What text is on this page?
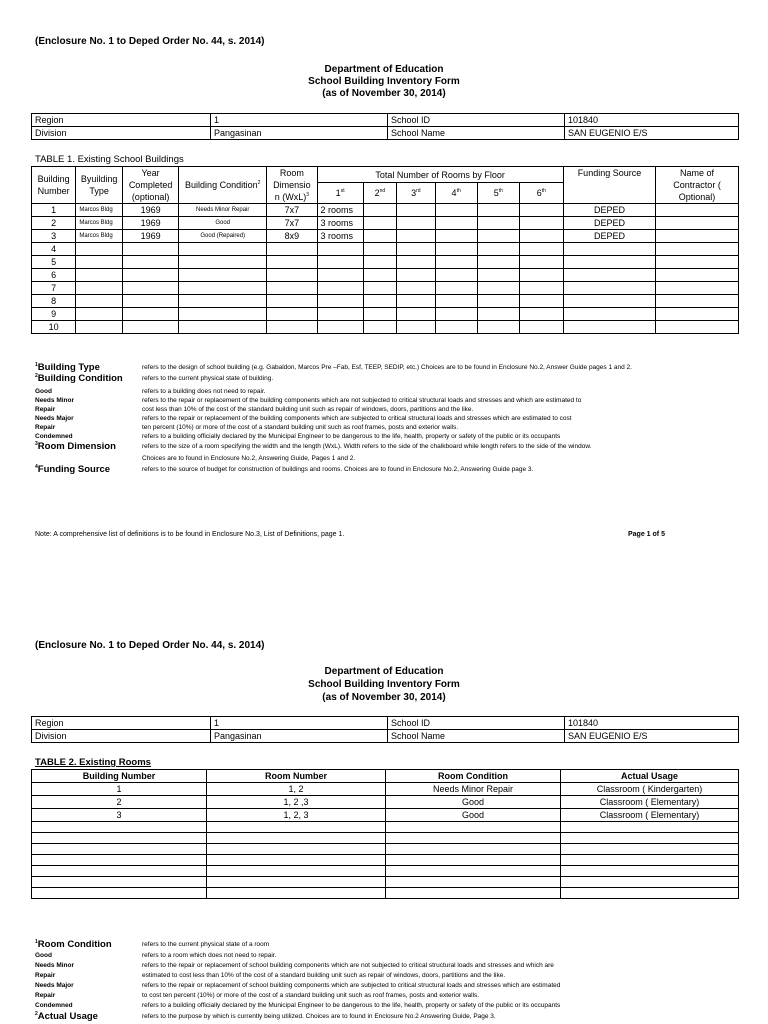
(Enclosure No. 1 to Deped Order No. 44, s. 2014)
Department of Education
School Building Inventory Form
(as of November 30, 2014)
Region	1	School ID	101840
Division	Pangasinan	School Name	SAN EUGENIO E/S
TABLE 1. Existing School Buildings
Building Number	Byuilding Type	Year Completed (optional)	Building Condition$^2$	Room Dimensio n (WxL)$^3$	Total Number of Rooms by Floor						Funding Source	Name of Contractor ( Optional)
					1st	2nd	3rd	4th	5th	6th
1	Marcos Bldg	1969	Needs Minor Repair	7x7	2 rooms						DEPED	
2	Marcos Bldg	1969	Good	7x7	3 rooms						DEPED	
3	Marcos Bldg	1969	Good (Repaired)	8x9	3 rooms						DEPED	
4												
5												
6												
7												
8												
9												
10												
$^1$Building Type	refers to the design of school building (e.g. Gabaldon, Marcos Pre –Fab, Esf, TEEP, SEDIP, etc.) Choices are to be found in Enclosure No.2, Answer Guide pages 1 and 2.
$^2$Building Condition	refers to the current physical state of building.
Good	refers to a building does not need to repair.
Needs Minor	refers to the repair or replacement of the building components which are not subjected to critical structural loads and stresses and which are estimated to
Repair	cost less than 10% of the cost of the standard building unit such as repair of windows, doors, partitions and the like.
Needs Major	refers to the repair or replacement of the building components which are subjected to critical structural loads and stresses which are estimated to cost
Repair	ten percent (10%) or more of the cost of a standard building unit such as roof frames, posts and exterior walls.
Condemned	refers to a building officially declared by the Municipal Engineer to be dangerous to the life, health, property or safety of the public or its occupants
$^3$Room Dimension	refers to the size of a room specifying the width and the length (WxL). Width refers to the side of the chalkboard while length refers to the side of the window.
Choices are to found in Enclosure No.2, Answering Guide, Pages 1 and 2.
$^4$Funding Source	refers to the source of budget for construction of buildings and rooms. Choices are to found in Enclosure No.2, Answering Guide page 3.
Note: A comprehensive list of definitions is to be found in Enclosure No.3, List of Definitions, page 1.	Page 1 of 5
(Enclosure No. 1 to Deped Order No. 44, s. 2014)
Department of Education
School Building Inventory Form
(as of November 30, 2014)
Region	1	School ID	101840
Division	Pangasinan	School Name	SAN EUGENIO E/S
TABLE 2. Existing Rooms
Building Number	Room Number	Room Condition	Actual Usage
1	1, 2	Needs Minor Repair	Classroom ( Kindergarten)
2	1, 2 ,3	Good	Classroom ( Elementary)
3	1, 2, 3	Good	Classroom ( Elementary)

$^1$Room Condition	refers to the current physical state of a room
Good	refers to a room which does not need to repair.
Needs Minor	refers to the repair or replacement of school building components which are not subjected to critical structural loads and stresses and which are
Repair	estimated to cost less than 10% of the cost of a standard building unit such as repair of windows, doors, partitions and the like.
Needs Major	refers to the repair or replacement of school building components which are subjected to critical structural loads and stresses which are estimated
Repair	to cost ten percent (10%) or more of the cost of a standard building unit such as roof frames, posts and exterior walls.
Condemned	refers to a building officially declared by the Municipal Engineer to be dangerous to the life, health, property or safety of the public or its occupants
$^2$Actual Usage	refers to the purpose by which is currently being utilized. Choices are to found in Enclosure No.2 Answering Guide, Page 3.
